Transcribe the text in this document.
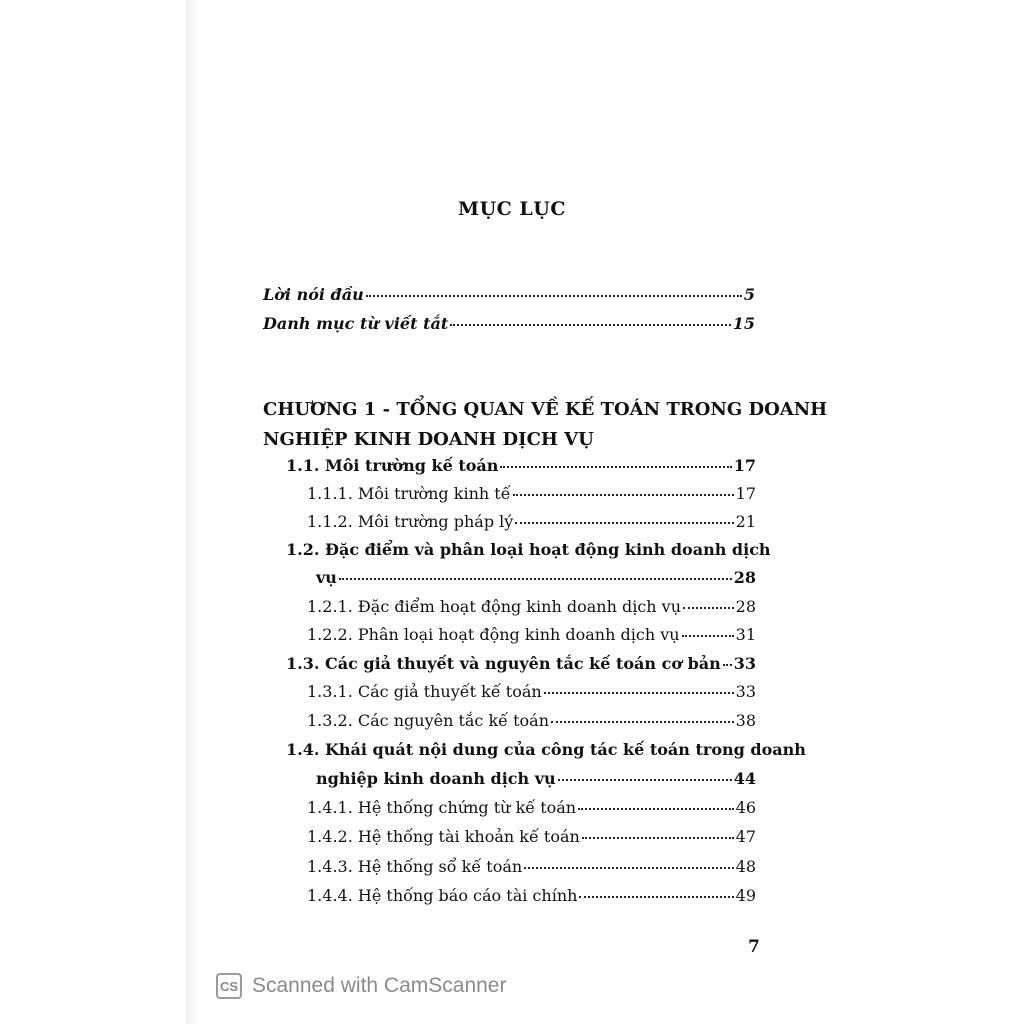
MỤC LỤC
Lời nói đầu	5
Danh mục từ viết tắt	15
CHƯƠNG 1 - TỔNG QUAN VỀ KẾ TOÁN TRONG DOANH
NGHIỆP KINH DOANH DỊCH VỤ
1.1. Môi trường kế toán	17
1.1.1. Môi trường kinh tế	17
1.1.2. Môi trường pháp lý	21
1.2. Đặc điểm và phân loại hoạt động kinh doanh dịch
vụ	28
1.2.1. Đặc điểm hoạt động kinh doanh dịch vụ	28
1.2.2. Phân loại hoạt động kinh doanh dịch vụ	31
1.3. Các giả thuyết và nguyên tắc kế toán cơ bản 33
1.3.1. Các giả thuyết kế toán	33
1.3.2. Các nguyên tắc kế toán	38
1.4. Khái quát nội dung của công tác kế toán trong doanh
nghiệp kinh doanh dịch vụ	44
1.4.1. Hệ thống chứng từ kế toán	46
1.4.2. Hệ thống tài khoản kế toán	47
1.4.3. Hệ thống sổ kế toán	48
1.4.4. Hệ thống báo cáo tài chính	49
7
CS Scanned with CamScanner
